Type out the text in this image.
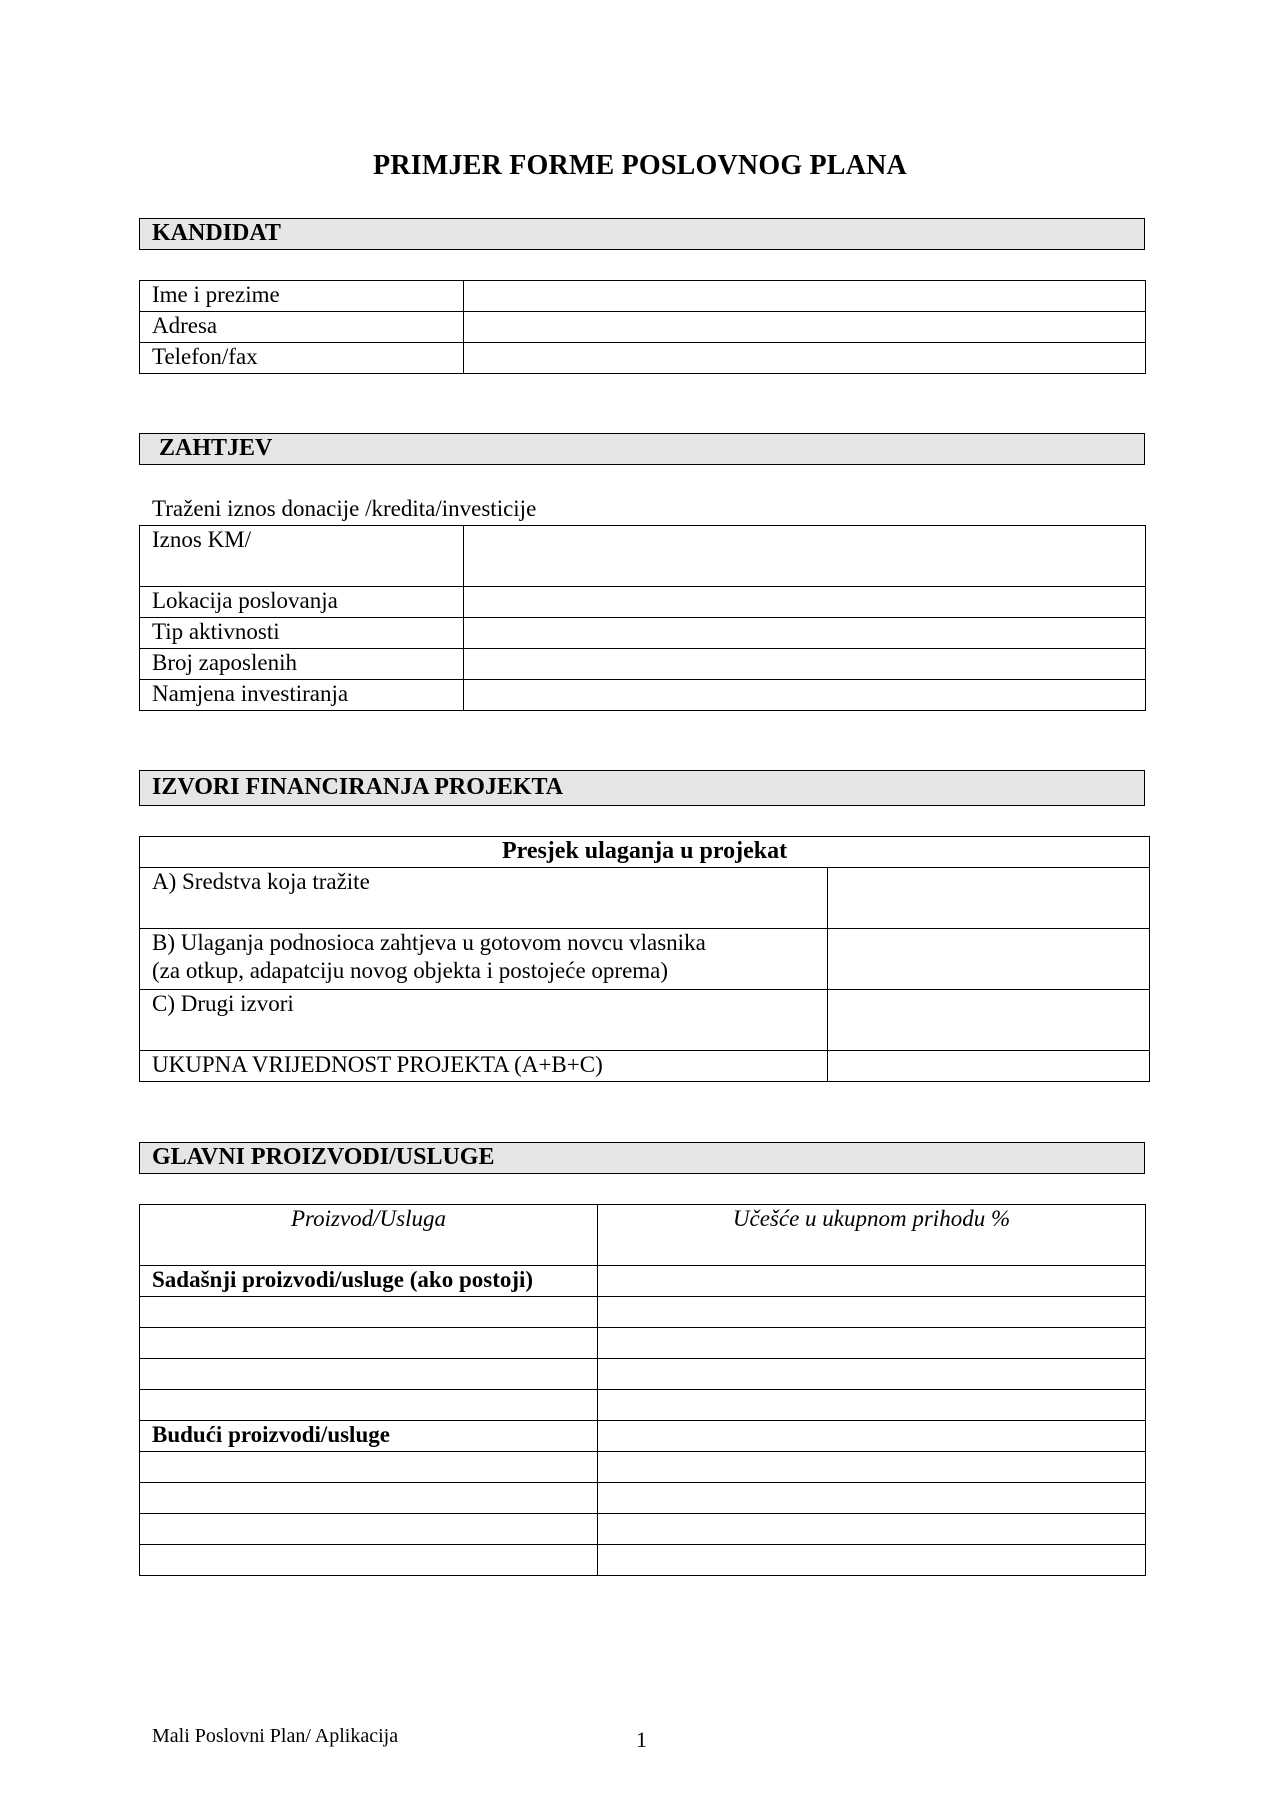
PRIMJER FORME POSLOVNOG PLANA
KANDIDAT
Ime i prezime	
Adresa	
Telefon/fax	
ZAHTJEV
Traženi iznos donacije /kredita/investicije
Iznos KM/	
Lokacija poslovanja	
Tip aktivnosti	
Broj zaposlenih	
Namjena investiranja	
IZVORI FINANCIRANJA PROJEKTA
Presjek ulaganja u projekat	
A) Sredstva koja tražite	

B) Ulaganja podnosioca zahtjeva u gotovom novcu vlasnika
(za otkup, adapatciju novog objekta i postojeće oprema)	

C) Drugi izvori	
UKUPNA VRIJEDNOST PROJEKTA (A+B+C)	
GLAVNI PROIZVODI/USLUGE
Proizvod/Usluga	Učešće u ukupnom prihodu %
Sadašnji proizvodi/usluge (ako postoji)	

Budući proizvodi/usluge	

Mali Poslovni Plan/ Aplikacija	1
